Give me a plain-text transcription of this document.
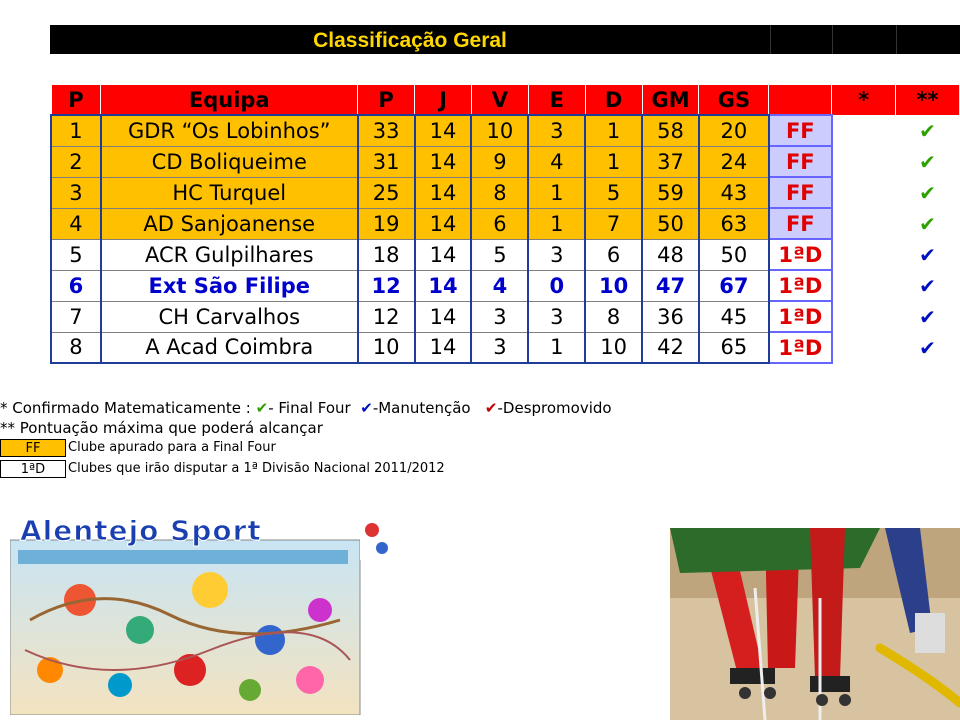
Classificação Geral
P	Equipa	P	J	V	E	D	GM	GS		*	**
1	GDR “Os Lobinhos”	33	14	10	3	1	58	20	FF		✔
2	CD Boliqueime	31	14	9	4	1	37	24	FF		✔
3	HC Turquel	25	14	8	1	5	59	43	FF		✔
4	AD Sanjoanense	19	14	6	1	7	50	63	FF		✔
5	ACR Gulpilhares	18	14	5	3	6	48	50	1ªD		✔
6	Ext São Filipe	12	14	4	0	10	47	67	1ªD		✔
7	CH Carvalhos	12	14	3	3	8	36	45	1ªD		✔
8	A Acad Coimbra	10	14	3	1	10	42	65	1ªD		✔
* Confirmado Matematicamente : ✔- Final Four ✔-Manutenção ✔-Despromovido
** Pontuação máxima que poderá alcançar
FF	Clube apurado para a Final Four
1ªD	Clubes que irão disputar a 1ª Divisão Nacional 2011/2012
Alentejo Sport
